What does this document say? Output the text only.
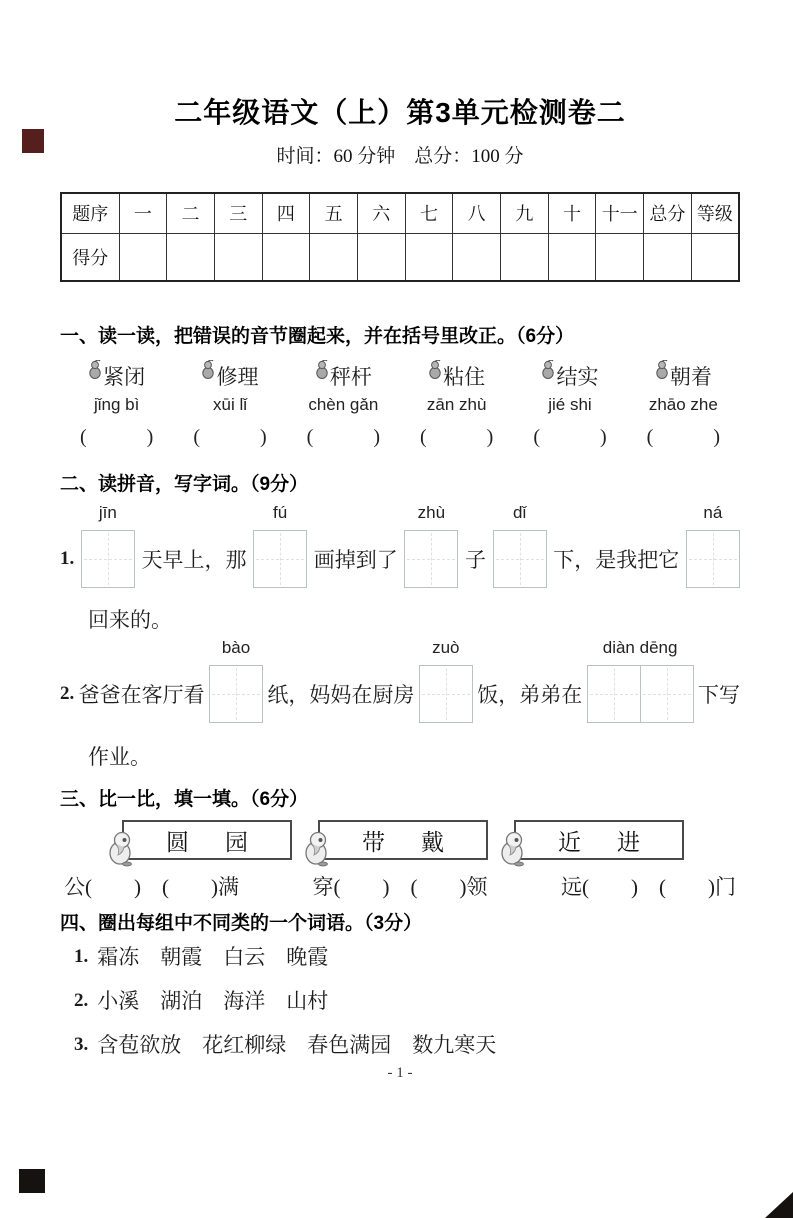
二年级语文（上）第3单元检测卷二
时间：60 分钟　总分：100 分
题序	一	二	三	四	五	六	七	八	九	十	十一	总分	等级
得分													
一、读一读，把错误的音节圈起来，并在括号里改正。（6分）
紧闭	修理	秤杆	粘住	结实	朝着
jǐng bì	xūi lǐ	chèn gǎn	zān zhù	jié shi	zhāo zhe
(　　　) (　　　) (　　　) (　　　) (　　　) (　　　)
二、读拼音，写字词。（9分）
1.
jīn
天早上，那
fú
画掉到了
zhù
子
dǐ
下，是我把它
ná
回来的。
2. 爸爸在客厅看
bào
纸，妈妈在厨房
zuò
饭，弟弟在
diàn dēng
下写
作业。
三、比一比，填一填。（6分）
圆 园	带 戴	近 进
公(　　)　(　　)满	穿(　　)　(　　)领	远(　　)　(　　)门
四、圈出每组中不同类的一个词语。（3分）
1. 霜冻　朝霞　白云　晚霞
2. 小溪　湖泊　海洋　山村
3. 含苞欲放　花红柳绿　春色满园　数九寒天
- 1 -
